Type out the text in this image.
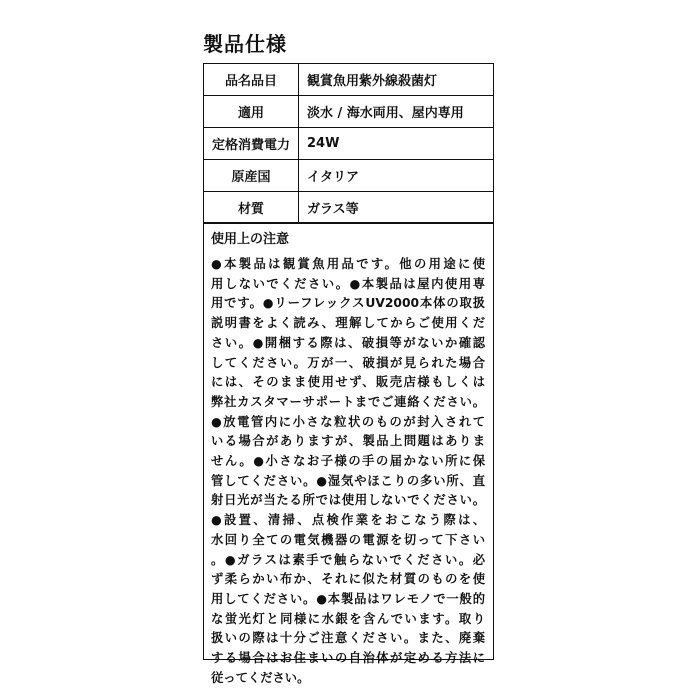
製品仕様
品名品目	観賞魚用紫外線殺菌灯
適用	淡水 / 海水両用、屋内専用
定格消費電力	24W
原産国	イタリア
材質	ガラス等
使用上の注意
●本製品は観賞魚用品です。他の用途に使
用しないでください。●本製品は屋内使用専
用です。●リーフレックスUV2000本体の取扱
説明書をよく読み、理解してからご使用くだ
さい。●開梱する際は、破損等がないか確認
してください。万が一、破損が見られた場合
には、そのまま使用せず、販売店様もしくは
弊社カスタマーサポートまでご連絡ください。
●放電管内に小さな粒状のものが封入されて
いる場合がありますが、製品上問題はありま
せん。●小さなお子様の手の届かない所に保
管してください。●湿気やほこりの多い所、直
射日光が当たる所では使用しないでください。
●設置、清掃、点検作業をおこなう際は、
水回り全ての電気機器の電源を切って下さい
。●ガラスは素手で触らないでください。必
ず柔らかい布か、それに似た材質のものを使
用してください。●本製品はワレモノで一般的
な蛍光灯と同様に水銀を含んでいます。取り
扱いの際は十分ご注意ください。また、廃棄
する場合はお住まいの自治体が定める方法に
従ってください。
